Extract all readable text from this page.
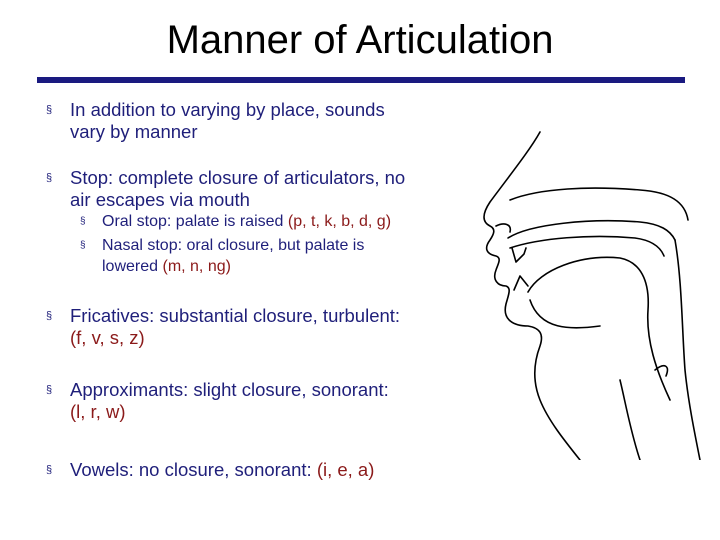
Manner of Articulation
§ In addition to varying by place, sounds
vary by manner
§ Stop: complete closure of articulators, no
air escapes via mouth
§ Oral stop: palate is raised (p, t, k, b, d, g)
§ Nasal stop: oral closure, but palate is
lowered (m, n, ng)
§ Fricatives: substantial closure, turbulent:
(f, v, s, z)
§ Approximants: slight closure, sonorant:
(l, r, w)
§ Vowels: no closure, sonorant: (i, e, a)
